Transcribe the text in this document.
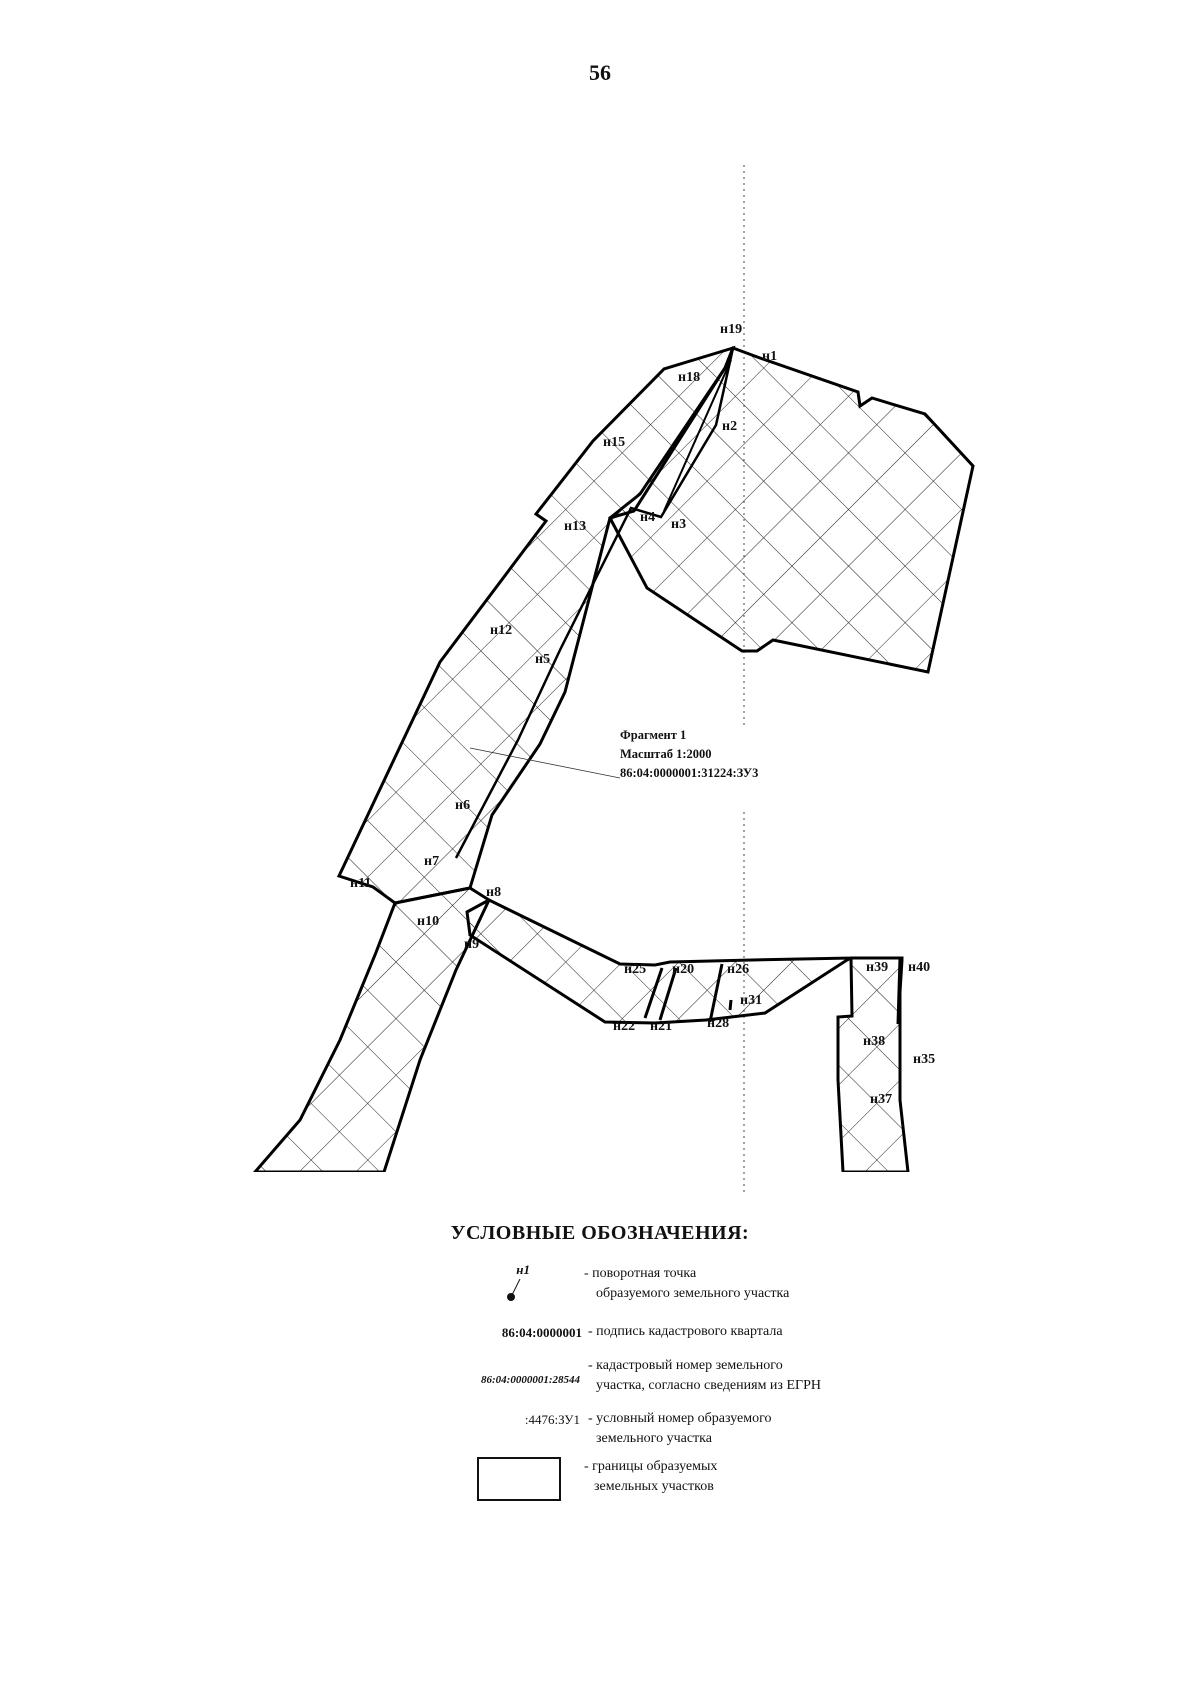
56
н19
н1
н18
н2
н15
н4 н3
н13
н12
н5
н6
н7
н11
н8
н10
н9
н25 н20 н26
н31
н22 н21 н28
н39 н40
н38
н35
н37
Фрагмент 1
Масштаб 1:2000
86:04:0000001:31224:ЗУ3
УСЛОВНЫЕ ОБОЗНАЧЕНИЯ:
н1	- поворотная точка
образуемого земельного участка
86:04:0000001 - подпись кадастрового квартала
86:04:0000001:28544
- кадастровый номер земельного
участка, согласно сведениям из ЕГРН
:4476:ЗУ1 - условный номер образуемого
земельного участка
- границы образуемых
земельных участков
